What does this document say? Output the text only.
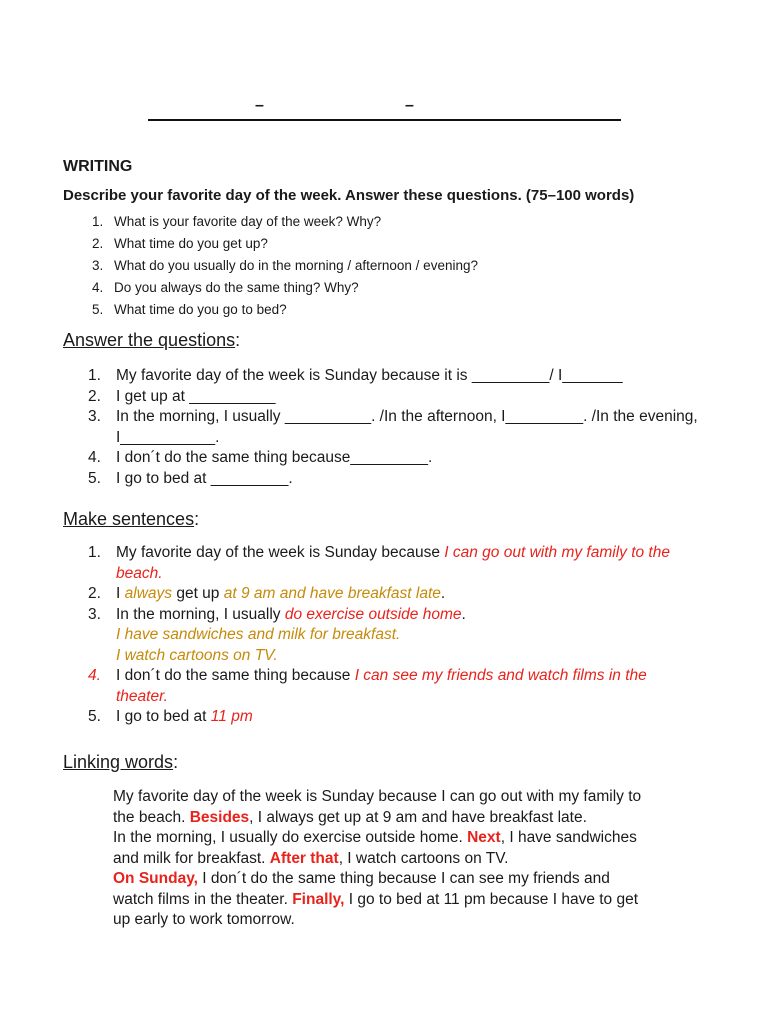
–	–
WRITING

Describe your favorite day of the week. Answer these questions. (75–100 words)

1. What is your favorite day of the week? Why?
2. What time do you get up?
3. What do you usually do in the morning / afternoon / evening?
4. Do you always do the same thing? Why?
5. What time do you go to bed?
Answer the questions:
1. My favorite day of the week is Sunday because it is _________/ I_______
2. I get up at __________
3. In the morning, I usually __________. /In the afternoon, I_________. /In the evening, I___________.
4. I don´t do the same thing because_________.
5. I go to bed at _________.
Make sentences:
1. My favorite day of the week is Sunday because I can go out with my family to the beach.
2. I always get up at 9 am and have breakfast late.
3. In the morning, I usually do exercise outside home.
I have sandwiches and milk for breakfast.
I watch cartoons on TV.
4. I don´t do the same thing because I can see my friends and watch films in the theater.
5. I go to bed at 11 pm
Linking words:
My favorite day of the week is Sunday because I can go out with my family to
the beach. Besides, I always get up at 9 am and have breakfast late.
In the morning, I usually do exercise outside home. Next, I have sandwiches
and milk for breakfast. After that, I watch cartoons on TV.
On Sunday, I don´t do the same thing because I can see my friends and
watch films in the theater. Finally, I go to bed at 11 pm because I have to get
up early to work tomorrow.
